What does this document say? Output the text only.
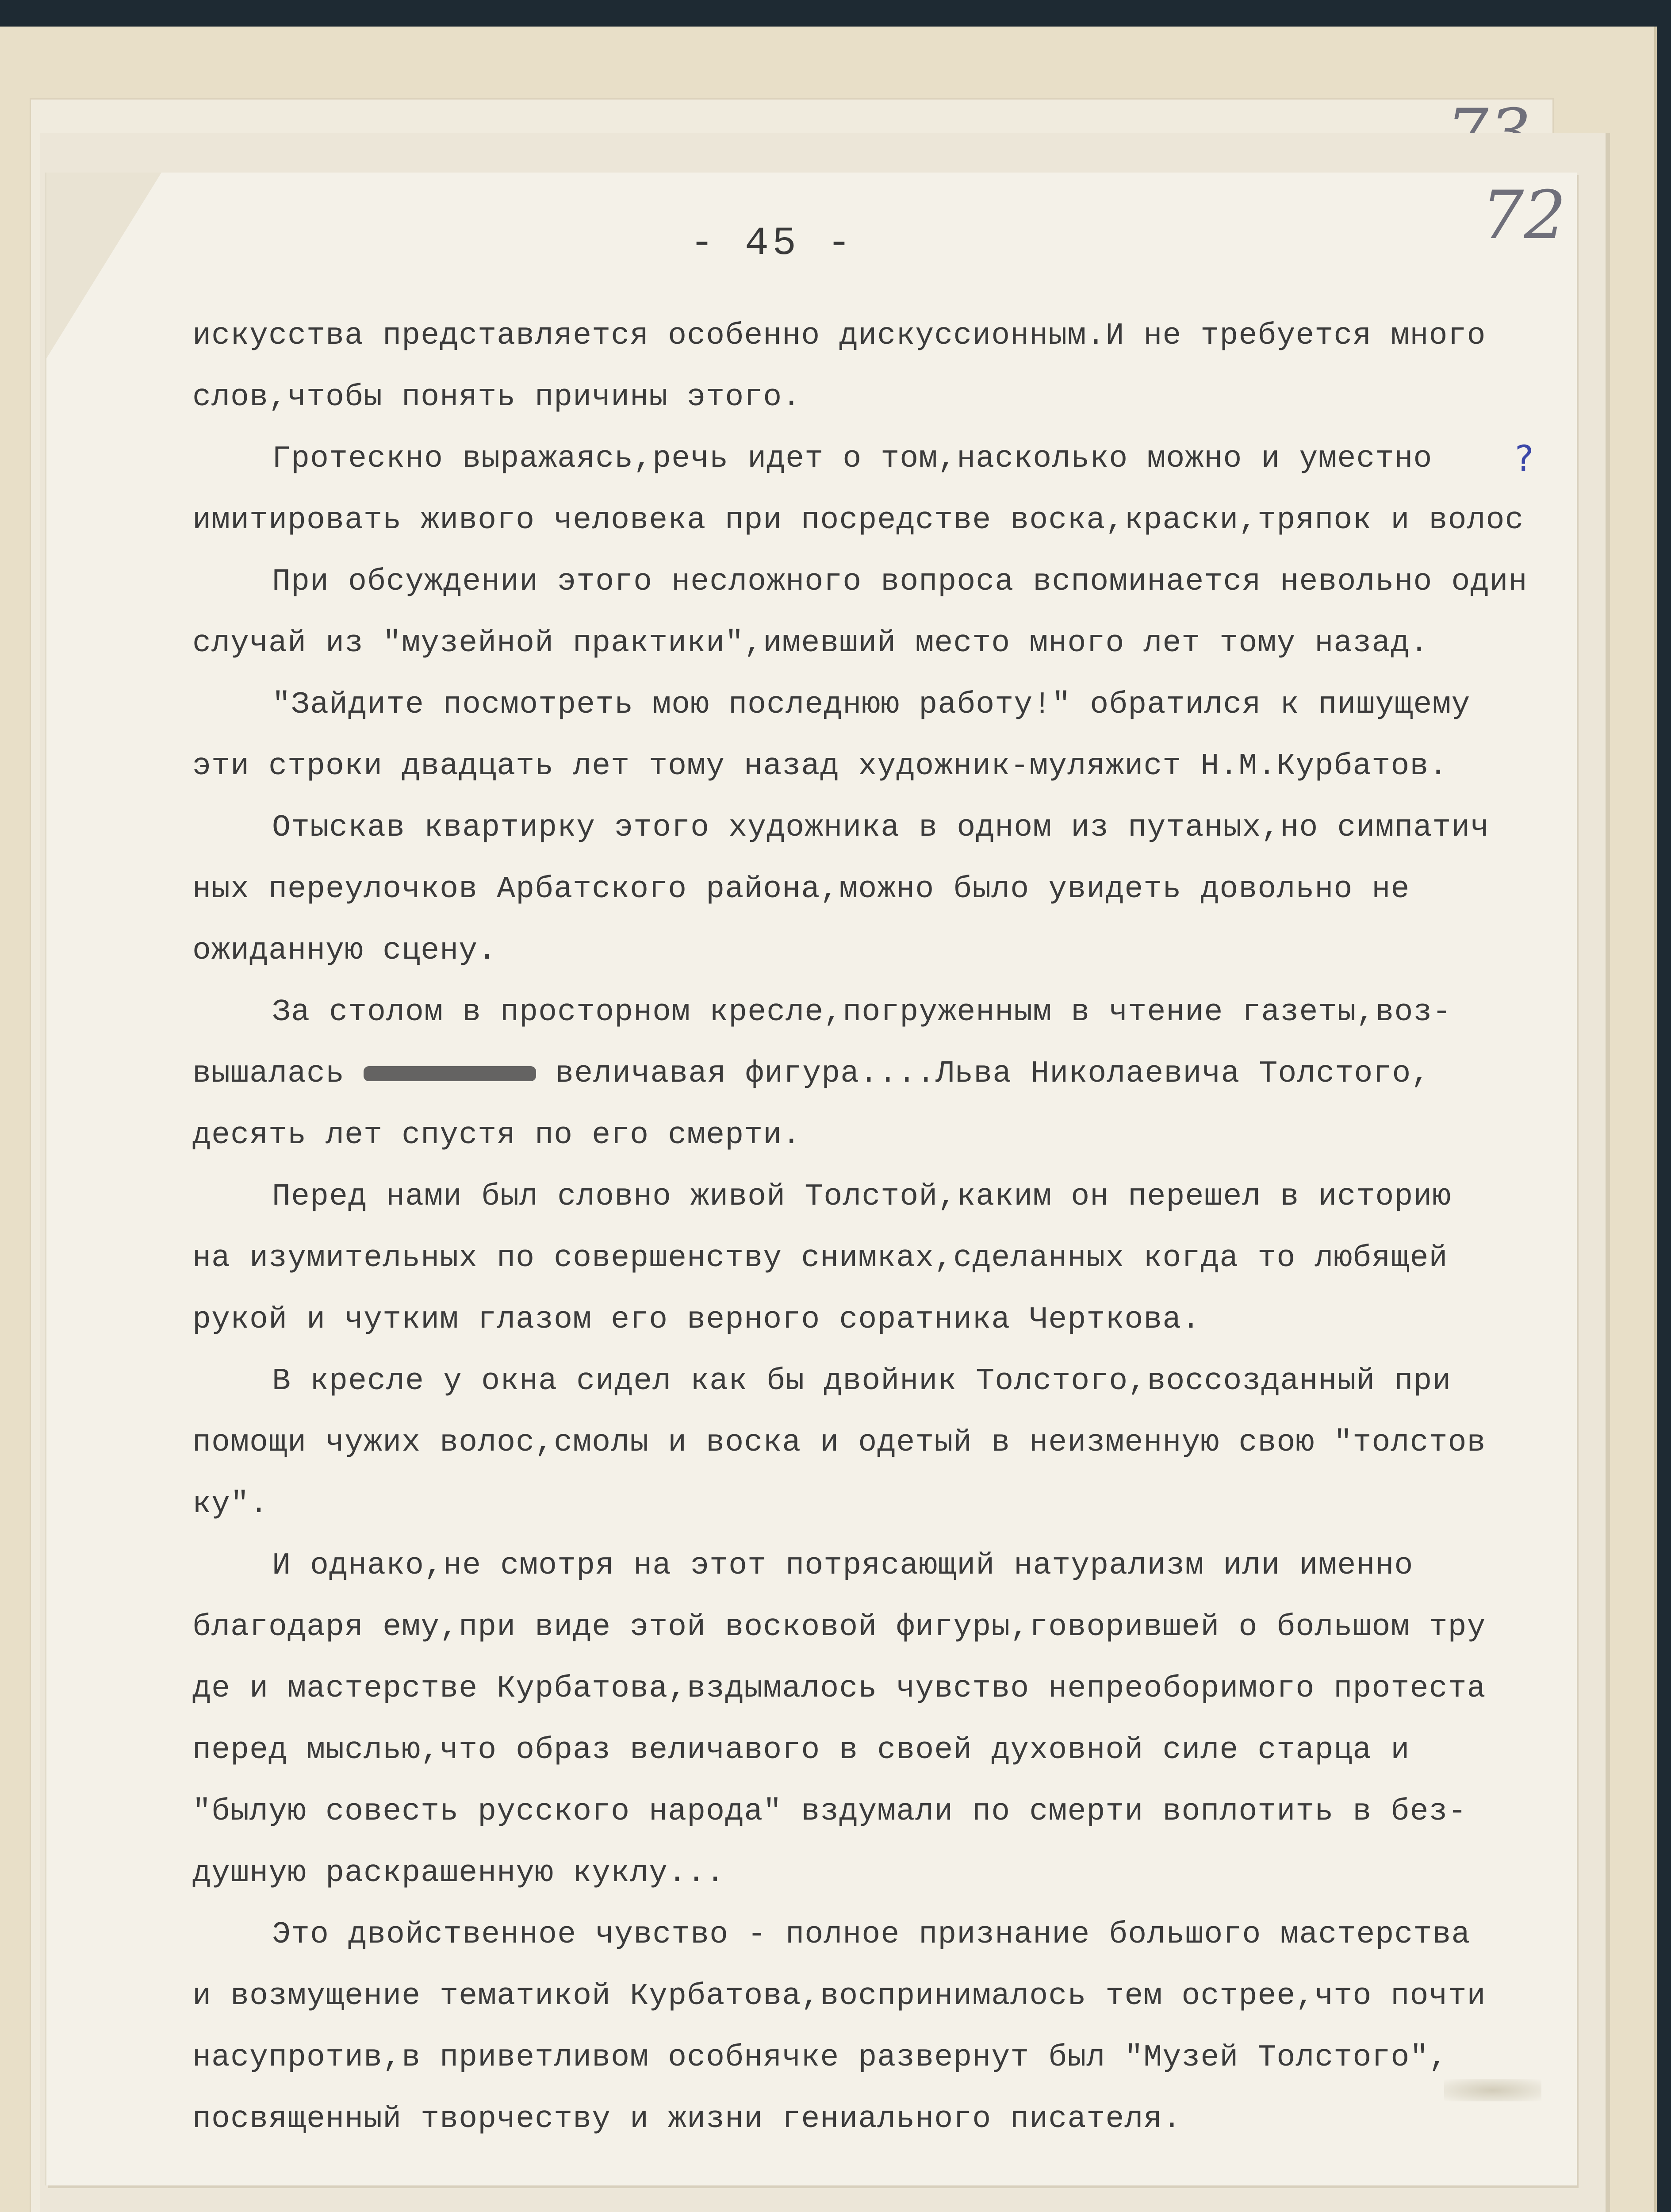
- 45 -
искусства представляется особенно дискуссионным.И не требуется много
слов,чтобы понять причины этого.
Гротескно выражаясь,речь идет о том,насколько можно и уместно
имитировать живого человека при посредстве воска,краски,тряпок и волос
При обсуждении этого несложного вопроса вспоминается невольно один
случай из "музейной практики",имевший место много лет тому назад.
"Зайдите посмотреть мою последнюю работу!" обратился к пишущему
эти строки двадцать лет тому назад художник-муляжист Н.М.Курбатов.
Отыскав квартирку этого художника в одном из путаных,но симпатич
ных переулочков Арбатского района,можно было увидеть довольно не
ожиданную сцену.
За столом в просторном кресле,погруженным в чтение газеты,воз-
вышалась	величавая фигура....Льва Николаевича Толстого,
десять лет спустя по его смерти.
Перед нами был словно живой Толстой,каким он перешел в историю
на изумительных по совершенству снимках,сделанных когда то любящей
рукой и чутким глазом его верного соратника Черткова.
В кресле у окна сидел как бы двойник Толстого,воссозданный при
помощи чужих волос,смолы и воска и одетый в неизменную свою "толстов
ку".
И однако,не смотря на этот потрясающий натурализм или именно
благодаря ему,при виде этой восковой фигуры,говорившей о большом тру
де и мастерстве Курбатова,вздымалось чувство непреоборимого протеста
перед мыслью,что образ величавого в своей духовной силе старца и
"былую совесть русского народа" вздумали по смерти воплотить в без-
душную раскрашенную куклу...
Это двойственное чувство - полное признание большого мастерства
и возмущение тематикой Курбатова,воспринималось тем острее,что почти
насупротив,в приветливом особнячке развернут был "Музей Толстого",
посвященный творчеству и жизни гениального писателя.
?
72
